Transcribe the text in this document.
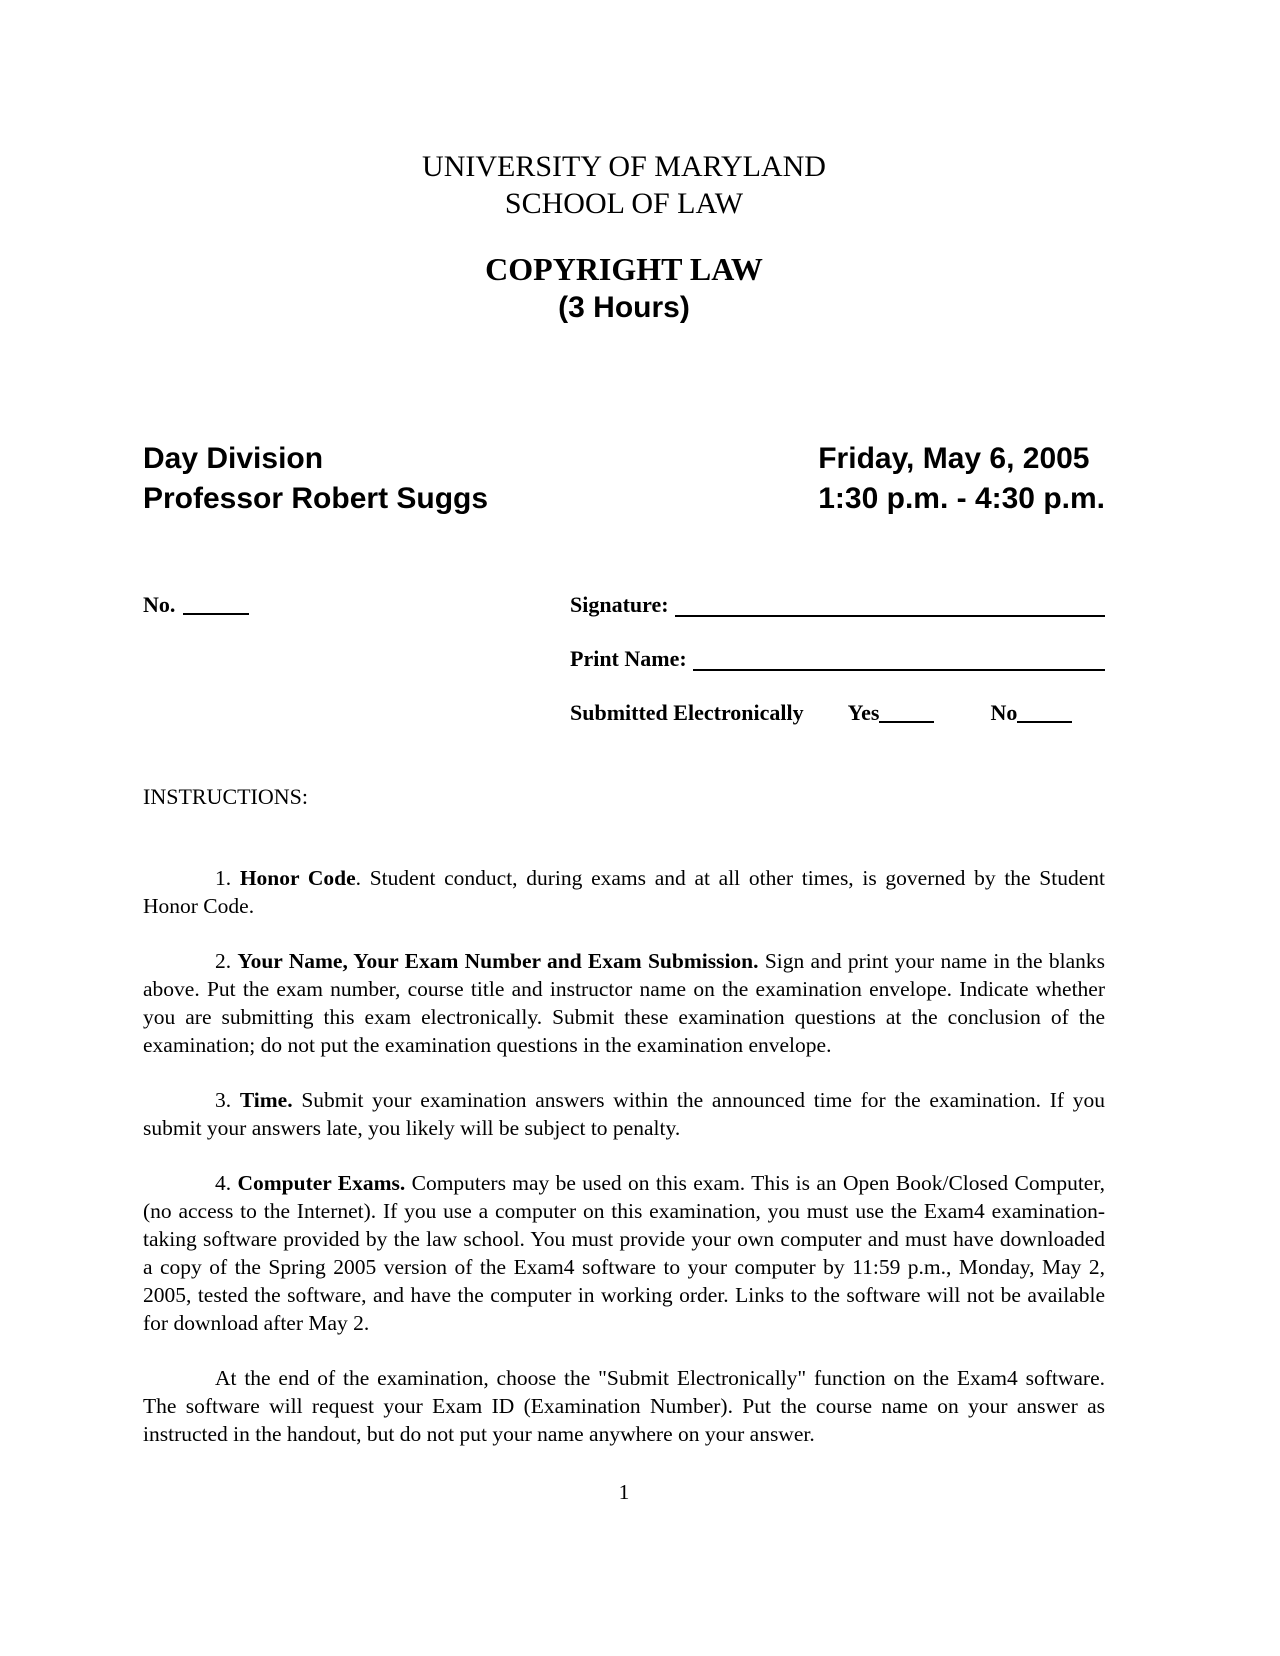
UNIVERSITY OF MARYLAND
SCHOOL OF LAW
COPYRIGHT LAW
(3 Hours)
Day Division
Professor Robert Suggs
Friday, May 6, 2005
1:30 p.m. - 4:30 p.m.
No.	Signature:
Print Name:
Submitted Electronically Yes	No
INSTRUCTIONS:

1. Honor Code. Student conduct, during exams and at all other times, is governed by the Student Honor Code.

2. Your Name, Your Exam Number and Exam Submission. Sign and print your name in the blanks above. Put the exam number, course title and instructor name on the examination envelope. Indicate whether you are submitting this exam electronically. Submit these examination questions at the conclusion of the examination; do not put the examination questions in the examination envelope.

3. Time. Submit your examination answers within the announced time for the examination. If you submit your answers late, you likely will be subject to penalty.

4. Computer Exams. Computers may be used on this exam. This is an Open Book/Closed Computer, (no access to the Internet). If you use a computer on this examination, you must use the Exam4 examination-taking software provided by the law school. You must provide your own computer and must have downloaded a copy of the Spring 2005 version of the Exam4 software to your computer by 11:59 p.m., Monday, May 2, 2005, tested the software, and have the computer in working order. Links to the software will not be available for download after May 2.

At the end of the examination, choose the "Submit Electronically" function on the Exam4 software. The software will request your Exam ID (Examination Number). Put the course name on your answer as instructed in the handout, but do not put your name anywhere on your answer.

1
